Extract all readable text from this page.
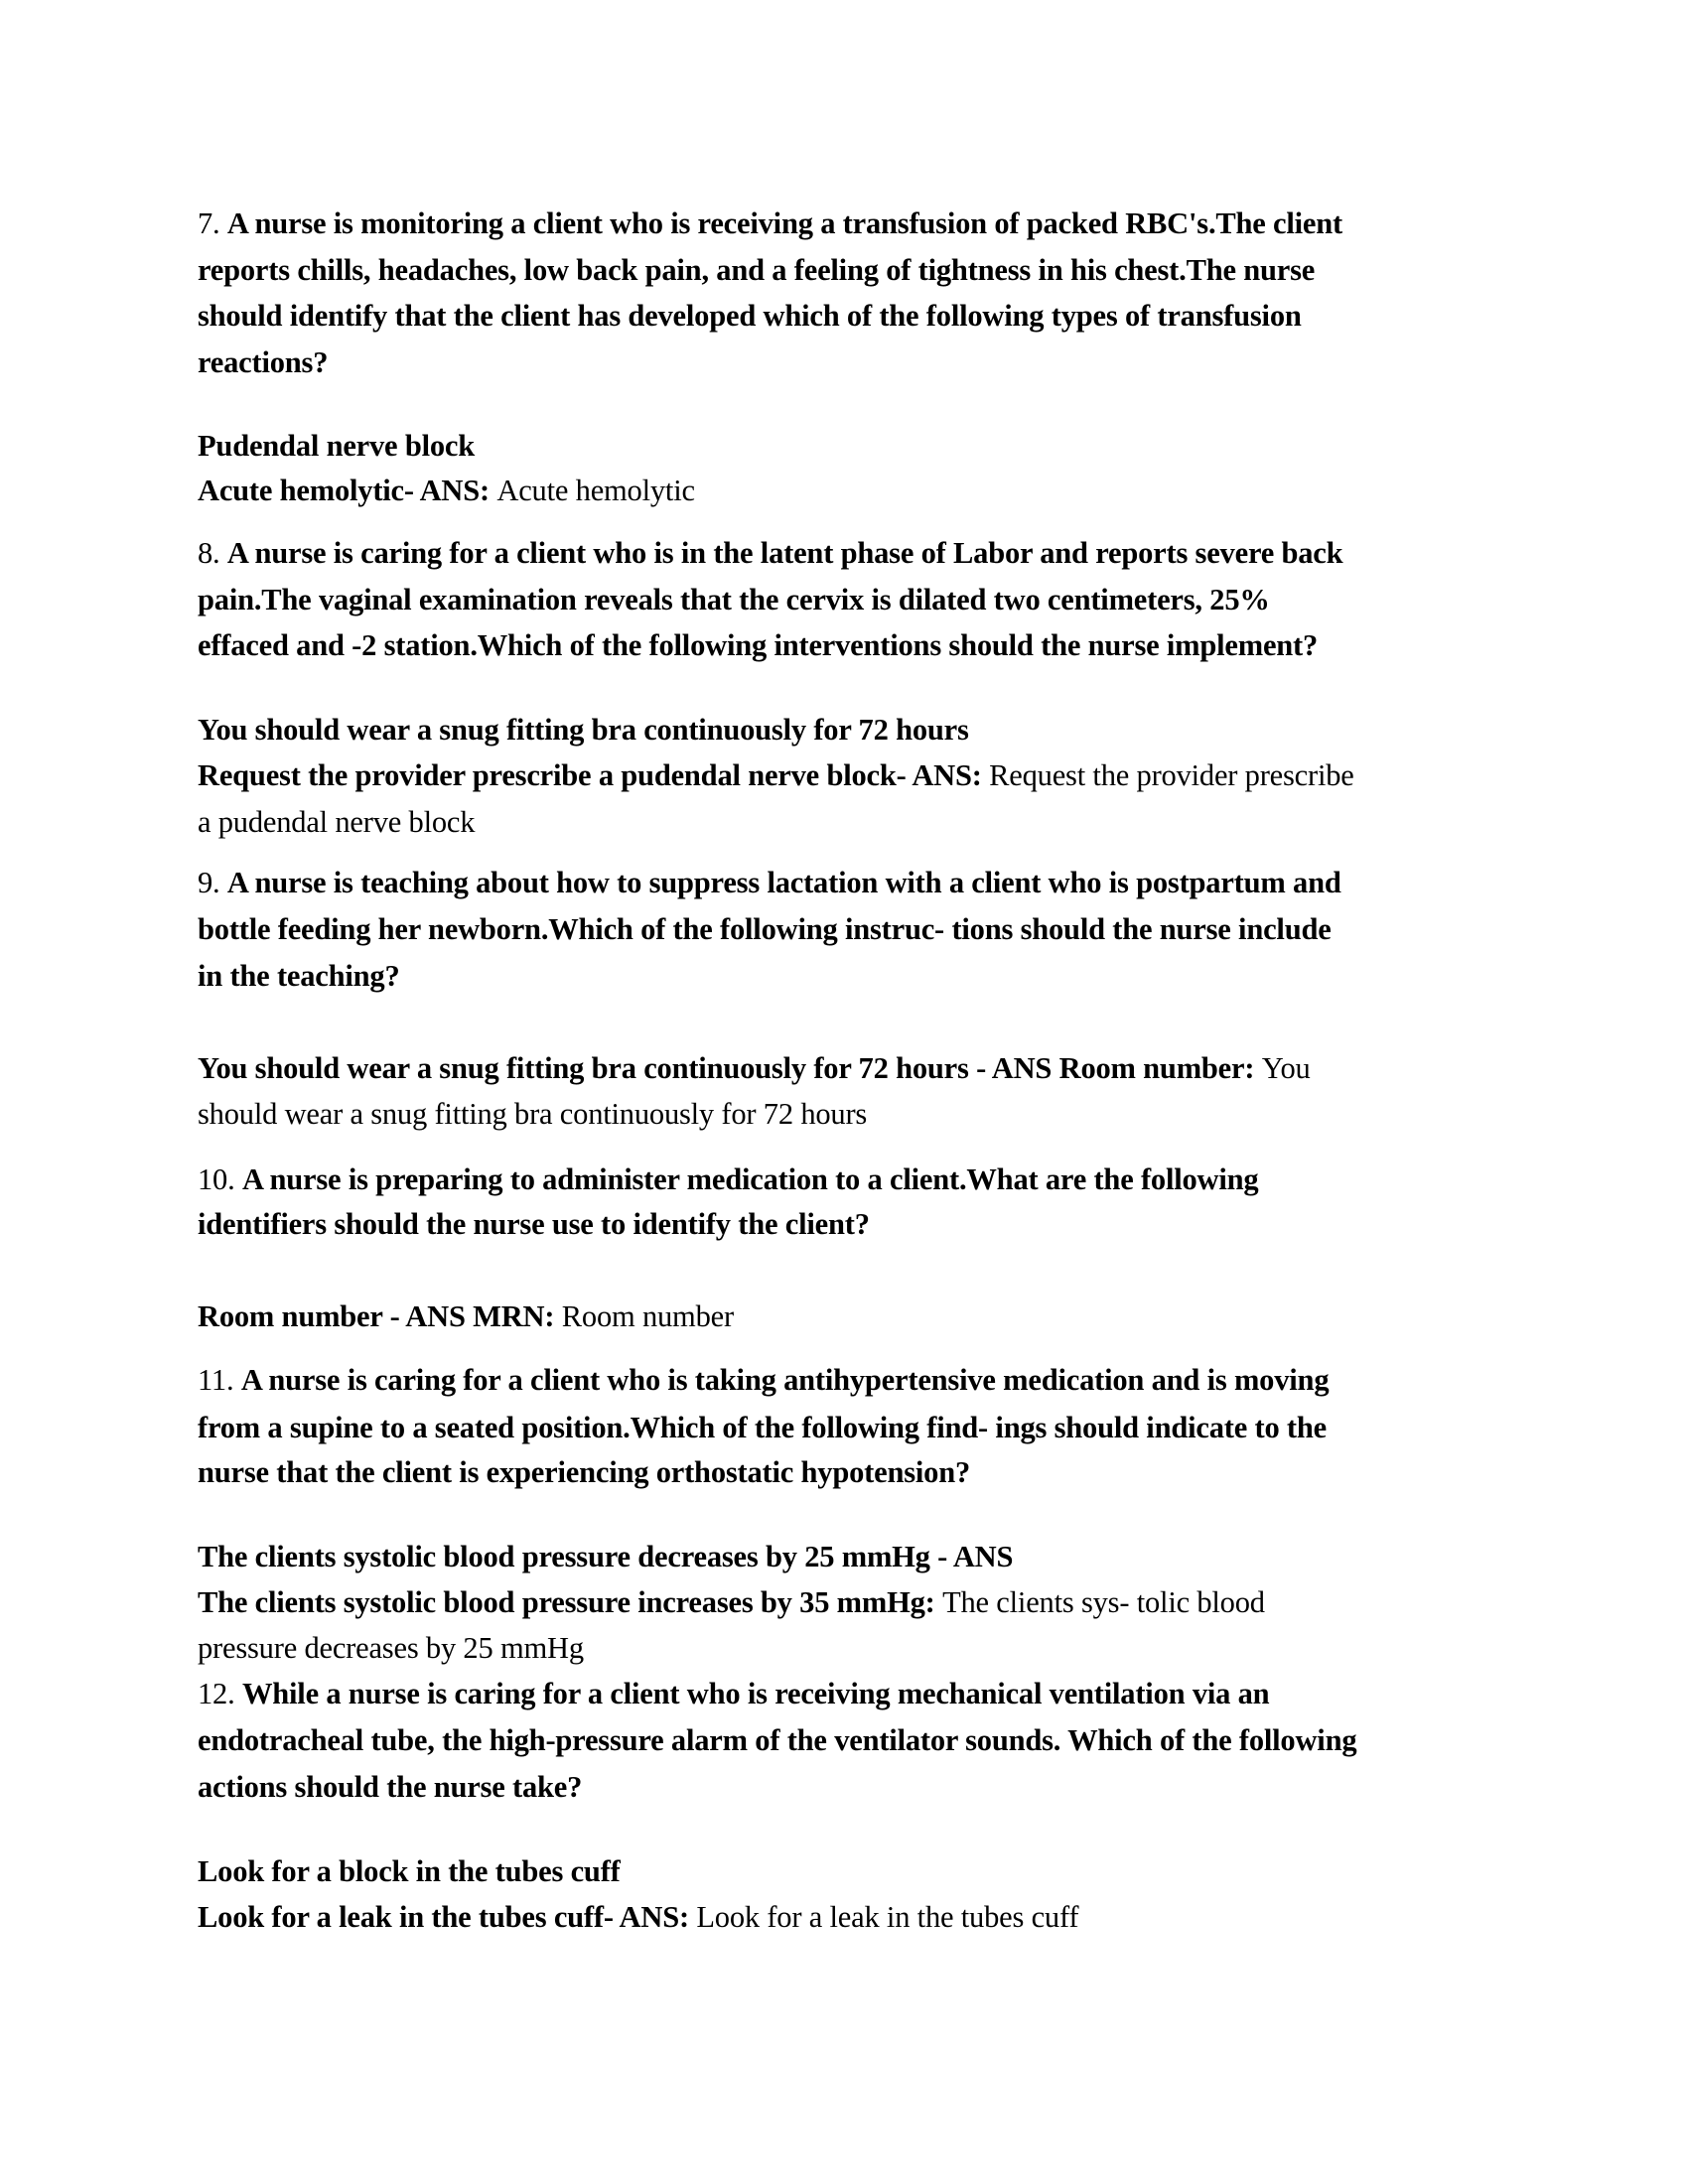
7. A nurse is monitoring a client who is receiving a transfusion of packed RBC's.The client
reports chills, headaches, low back pain, and a feeling of tightness in his chest.The nurse
should identify that the client has developed which of the following types of transfusion
reactions?
Pudendal nerve block
Acute hemolytic- ANS: Acute hemolytic
8. A nurse is caring for a client who is in the latent phase of Labor and reports severe back
pain.The vaginal examination reveals that the cervix is dilated two centimeters, 25%
effaced and -2 station.Which of the following interventions should the nurse implement?
You should wear a snug fitting bra continuously for 72 hours
Request the provider prescribe a pudendal nerve block- ANS: Request the provider prescribe
a pudendal nerve block
9. A nurse is teaching about how to suppress lactation with a client who is postpartum and
bottle feeding her newborn.Which of the following instruc- tions should the nurse include
in the teaching?
You should wear a snug fitting bra continuously for 72 hours - ANS Room number: You
should wear a snug fitting bra continuously for 72 hours
10. A nurse is preparing to administer medication to a client.What are the following
identifiers should the nurse use to identify the client?
Room number - ANS MRN: Room number
11. A nurse is caring for a client who is taking antihypertensive medication and is moving
from a supine to a seated position.Which of the following find- ings should indicate to the
nurse that the client is experiencing orthostatic hypotension?
The clients systolic blood pressure decreases by 25 mmHg - ANS
The clients systolic blood pressure increases by 35 mmHg: The clients sys- tolic blood
pressure decreases by 25 mmHg
12. While a nurse is caring for a client who is receiving mechanical ventilation via an
endotracheal tube, the high-pressure alarm of the ventilator sounds. Which of the following
actions should the nurse take?
Look for a block in the tubes cuff
Look for a leak in the tubes cuff- ANS: Look for a leak in the tubes cuff
